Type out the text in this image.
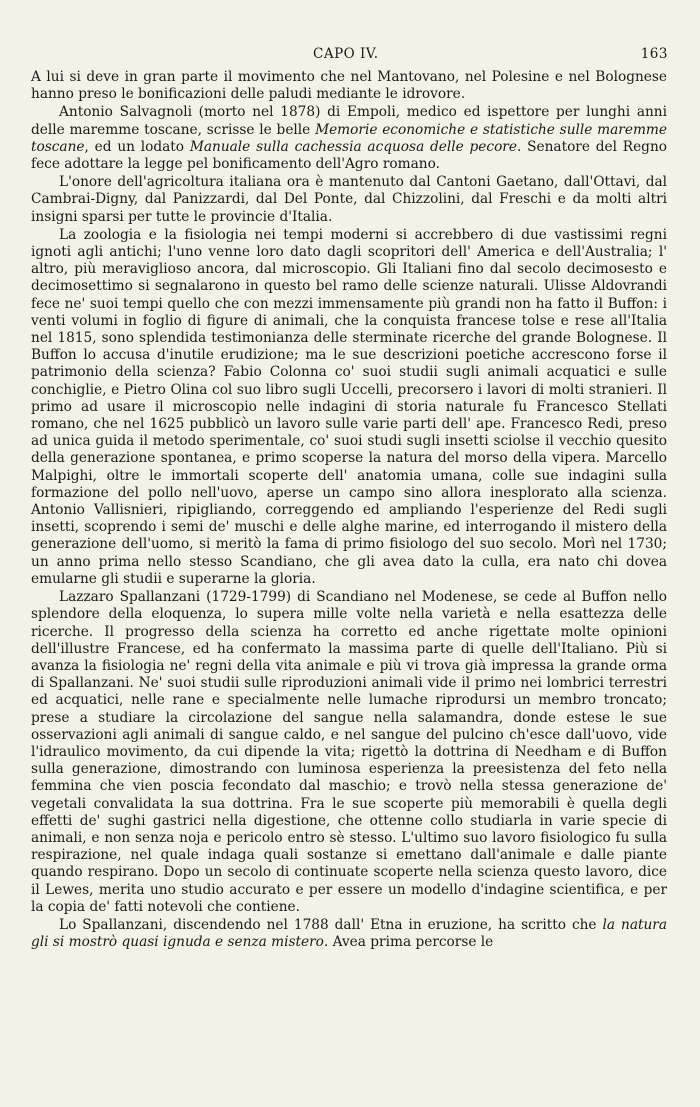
CAPO IV.	163

A lui si deve in gran parte il movimento che nel Mantovano, nel Polesine e nel Bolognese hanno preso le bonificazioni delle paludi mediante le idrovore.

Antonio Salvagnoli (morto nel 1878) di Empoli, medico ed ispettore per lunghi anni delle maremme toscane, scrisse le belle Memorie economiche e statistiche sulle maremme toscane, ed un lodato Manuale sulla cachessia acquosa delle pecore. Senatore del Regno fece adottare la legge pel bonificamento dell'Agro romano.

L'onore dell'agricoltura italiana ora è mantenuto dal Cantoni Gaetano, dall'Ottavi, dal Cambrai-Digny, dal Panizzardi, dal Del Ponte, dal Chizzolini, dal Freschi e da molti altri insigni sparsi per tutte le provincie d'Italia.

La zoologia e la fisiologia nei tempi moderni si accrebbero di due vastissimi regni ignoti agli antichi; l'uno venne loro dato dagli scopritori dell' America e dell'Australia; l' altro, più meraviglioso ancora, dal microscopio. Gli Italiani fino dal secolo decimosesto e decimosettimo si segnalarono in questo bel ramo delle scienze naturali. Ulisse Aldovrandi fece ne' suoi tempi quello che con mezzi immensamente più grandi non ha fatto il Buffon: i venti volumi in foglio di figure di animali, che la conquista francese tolse e rese all'Italia nel 1815, sono splendida testimonianza delle sterminate ricerche del grande Bolognese. Il Buffon lo accusa d'inutile erudizione; ma le sue descrizioni poetiche accrescono forse il patrimonio della scienza? Fabio Colonna co' suoi studii sugli animali acquatici e sulle conchiglie, e Pietro Olina col suo libro sugli Uccelli, precorsero i lavori di molti stranieri. Il primo ad usare il microscopio nelle indagini di storia naturale fu Francesco Stellati romano, che nel 1625 pubblicò un lavoro sulle varie parti dell' ape. Francesco Redi, preso ad unica guida il metodo sperimentale, co' suoi studi sugli insetti sciolse il vecchio quesito della generazione spontanea, e primo scoperse la natura del morso della vipera. Marcello Malpighi, oltre le immortali scoperte dell' anatomia umana, colle sue indagini sulla formazione del pollo nell'uovo, aperse un campo sino allora inesplorato alla scienza. Antonio Vallisnieri, ripigliando, correggendo ed ampliando l'esperienze del Redi sugli insetti, scoprendo i semi de' muschi e delle alghe marine, ed interrogando il mistero della generazione dell'uomo, si meritò la fama di primo fisiologo del suo secolo. Morì nel 1730; un anno prima nello stesso Scandiano, che gli avea dato la culla, era nato chi dovea emularne gli studii e superarne la gloria.

Lazzaro Spallanzani (1729-1799) di Scandiano nel Modenese, se cede al Buffon nello splendore della eloquenza, lo supera mille volte nella varietà e nella esattezza delle ricerche. Il progresso della scienza ha corretto ed anche rigettate molte opinioni dell'illustre Francese, ed ha confermato la massima parte di quelle dell'Italiano. Più si avanza la fisiologia ne' regni della vita animale e più vi trova già impressa la grande orma di Spallanzani. Ne' suoi studii sulle riproduzioni animali vide il primo nei lombrici terrestri ed acquatici, nelle rane e specialmente nelle lumache riprodursi un membro troncato; prese a studiare la circolazione del sangue nella salamandra, donde estese le sue osservazioni agli animali di sangue caldo, e nel sangue del pulcino ch'esce dall'uovo, vide l'idraulico movimento, da cui dipende la vita; rigettò la dottrina di Needham e di Buffon sulla generazione, dimostrando con luminosa esperienza la preesistenza del feto nella femmina che vien poscia fecondato dal maschio; e trovò nella stessa generazione de' vegetali convalidata la sua dottrina. Fra le sue scoperte più memorabili è quella degli effetti de' sughi gastrici nella digestione, che ottenne collo studiarla in varie specie di animali, e non senza noja e pericolo entro sè stesso. L'ultimo suo lavoro fisiologico fu sulla respirazione, nel quale indaga quali sostanze si emettano dall'animale e dalle piante quando respirano. Dopo un secolo di continuate scoperte nella scienza questo lavoro, dice il Lewes, merita uno studio accurato e per essere un modello d'indagine scientifica, e per la copia de' fatti notevoli che contiene.

Lo Spallanzani, discendendo nel 1788 dall' Etna in eruzione, ha scritto che la natura gli si mostrò quasi ignuda e senza mistero. Avea prima percorse le
